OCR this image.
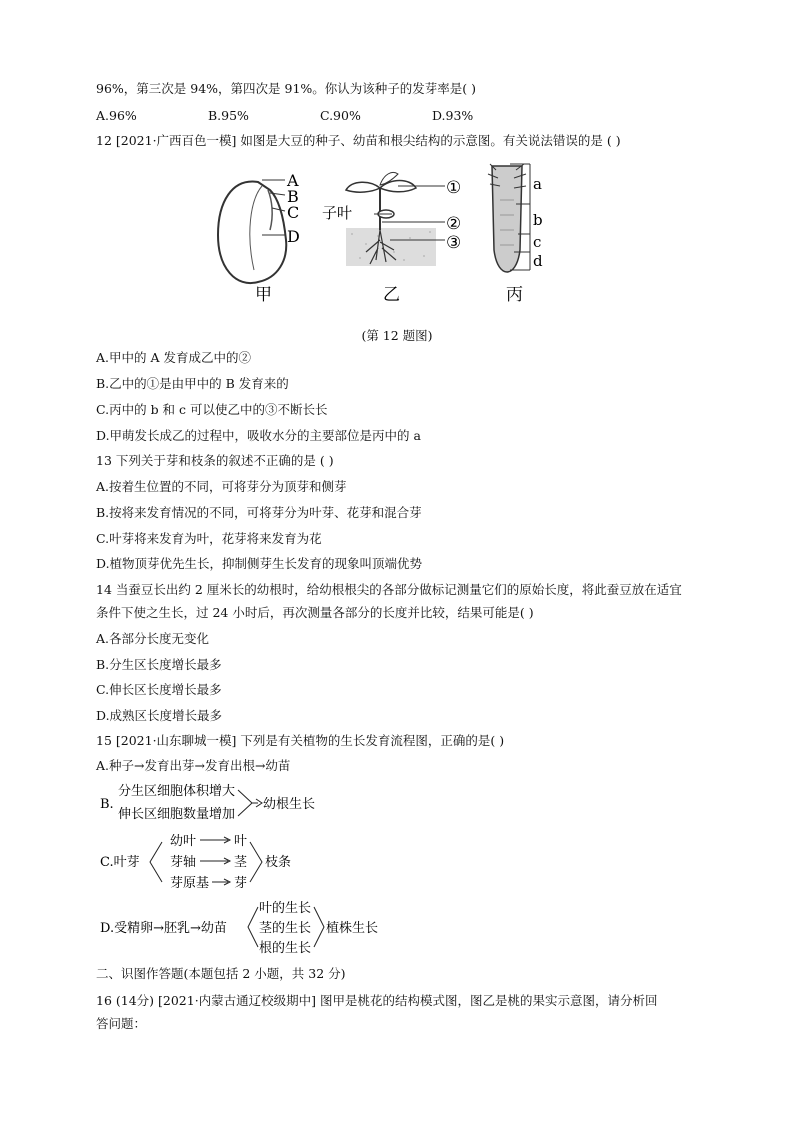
96%，第三次是 94%，第四次是 91%。你认为该种子的发芽率是( )
A.96%	B.95%	C.90%	D.93%
12 [2021·广西百色一模] 如图是大豆的种子、幼苗和根尖结构的示意图。有关说法错误的是 ( )
A
B
C
D
①
子叶
②
③
a
b
c
d
甲	乙	丙
(第 12 题图)
A.甲中的 A 发育成乙中的②
B.乙中的①是由甲中的 B 发育来的
C.丙中的 b 和 c 可以使乙中的③不断长长
D.甲萌发长成乙的过程中，吸收水分的主要部位是丙中的 a
13 下列关于芽和枝条的叙述不正确的是 ( )
A.按着生位置的不同，可将芽分为顶芽和侧芽
B.按将来发育情况的不同，可将芽分为叶芽、花芽和混合芽
C.叶芽将来发育为叶，花芽将来发育为花
D.植物顶芽优先生长，抑制侧芽生长发育的现象叫顶端优势
14 当蚕豆长出约 2 厘米长的幼根时，给幼根根尖的各部分做标记测量它们的原始长度，将此蚕豆放在适宜
条件下使之生长，过 24 小时后，再次测量各部分的长度并比较，结果可能是( )
A.各部分长度无变化
B.分生区长度增长最多
C.伸长区长度增长最多
D.成熟区长度增长最多
15 [2021·山东聊城一模] 下列是有关植物的生长发育流程图，正确的是( )
A.种子→发育出芽→发育出根→幼苗
B.
分生区细胞体积增大
伸长区细胞数量增加
幼根生长
C.叶芽
幼叶
芽轴
芽原基
叶
茎
芽
枝条
D.受精卵→胚乳→幼苗
叶的生长
茎的生长
根的生长
植株生长
二、识图作答题(本题包括 2 小题，共 32 分)
16 (14分) [2021·内蒙古通辽校级期中] 图甲是桃花的结构模式图，图乙是桃的果实示意图，请分析回
答问题：
